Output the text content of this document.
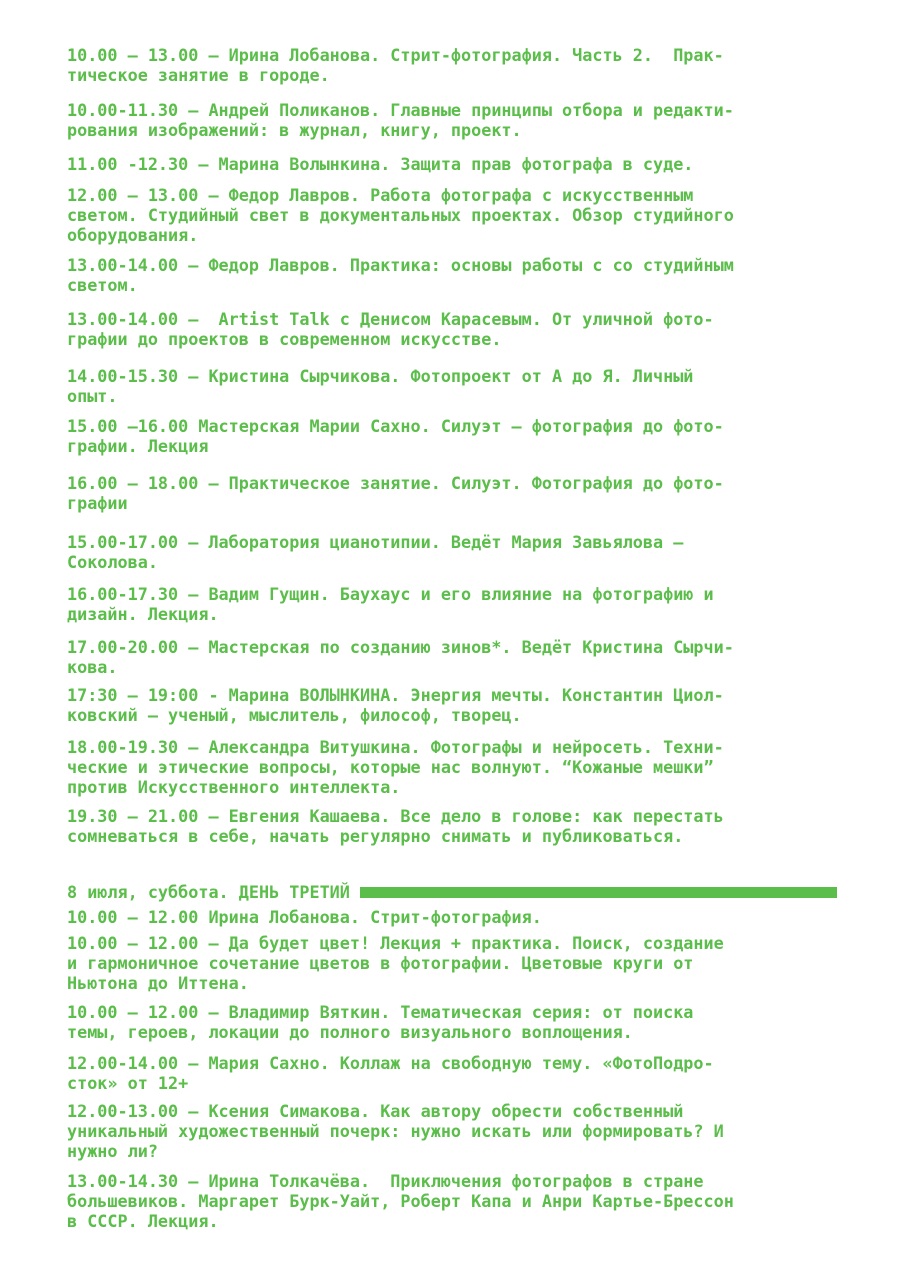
10.00 — 13.00 — Ирина Лобанова. Стрит-фотография. Часть 2.  Прак-
тическое занятие в городе.
10.00-11.30 — Андрей Поликанов. Главные принципы отбора и редакти-
рования изображений: в журнал, книгу, проект.
11.00 -12.30 — Марина Волынкина. Защита прав фотографа в суде.
12.00 — 13.00 — Федор Лавров. Работа фотографа с искусственным
светом. Студийный свет в документальных проектах. Обзор студийного
оборудования.
13.00-14.00 — Федор Лавров. Практика: основы работы с со студийным
светом.
13.00-14.00 —  Artist Talk с Денисом Карасевым. От уличной фото-
графии до проектов в современном искусстве.
14.00-15.30 — Кристина Сырчикова. Фотопроект от А до Я. Личный
опыт.
15.00 —16.00 Мастерская Марии Сахно. Силуэт — фотография до фото-
графии. Лекция
16.00 — 18.00 — Практическое занятие. Силуэт. Фотография до фото-
графии
15.00-17.00 — Лаборатория цианотипии. Ведёт Мария Завьялова —
Соколова.
16.00-17.30 — Вадим Гущин. Баухаус и его влияние на фотографию и
дизайн. Лекция.
17.00-20.00 — Мастерская по созданию зинов*. Ведёт Кристина Сырчи-
кова.
17:30 — 19:00 - Марина ВОЛЫНКИНА. Энергия мечты. Константин Циол-
ковский — ученый, мыслитель, философ, творец.
18.00-19.30 — Александра Витушкина. Фотографы и нейросеть. Техни-
ческие и этические вопросы, которые нас волнуют. “Кожаные мешки”
против Искусственного интеллекта.
19.30 — 21.00 — Евгения Кашаева. Все дело в голове: как перестать
сомневаться в себе, начать регулярно снимать и публиковаться.
8 июля, суббота. ДЕНЬ ТРЕТИЙ
10.00 — 12.00 Ирина Лобанова. Стрит-фотография.
10.00 — 12.00 — Да будет цвет! Лекция + практика. Поиск, создание
и гармоничное сочетание цветов в фотографии. Цветовые круги от
Ньютона до Иттена.
10.00 — 12.00 — Владимир Вяткин. Тематическая серия: от поиска
темы, героев, локации до полного визуального воплощения.
12.00-14.00 — Мария Сахно. Коллаж на свободную тему. «ФотоПодро-
сток» от 12+
12.00-13.00 — Ксения Симакова. Как автору обрести собственный
уникальный художественный почерк: нужно искать или формировать? И
нужно ли?
13.00-14.30 — Ирина Толкачёва.  Приключения фотографов в стране
большевиков. Маргарет Бурк-Уайт, Роберт Капа и Анри Картье-Брессон
в СССР. Лекция.
